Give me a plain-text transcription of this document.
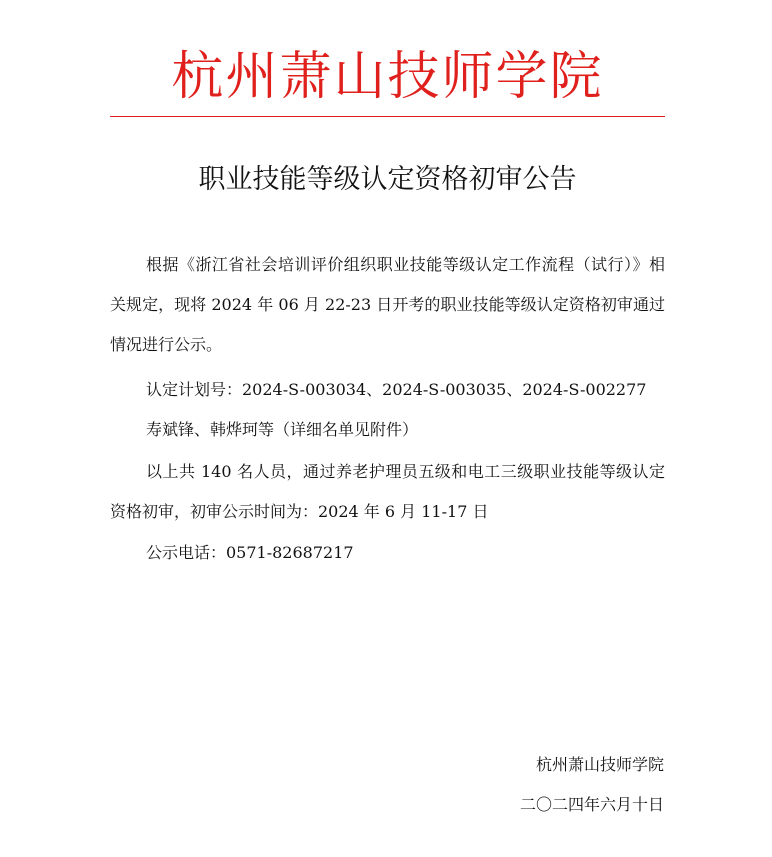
杭州萧山技师学院
职业技能等级认定资格初审公告
根据《浙江省社会培训评价组织职业技能等级认定工作流程（试行）》相关规定，现将 2024 年 06 月 22-23 日开考的职业技能等级认定资格初审通过情况进行公示。
认定计划号：2024-S-003034、2024-S-003035、2024-S-002277
寿斌锋、韩烨珂等（详细名单见附件）
以上共 140 名人员，通过养老护理员五级和电工三级职业技能等级认定资格初审，初审公示时间为：2024 年 6 月 11-17 日
公示电话：0571-82687217
杭州萧山技师学院
二〇二四年六月十日
